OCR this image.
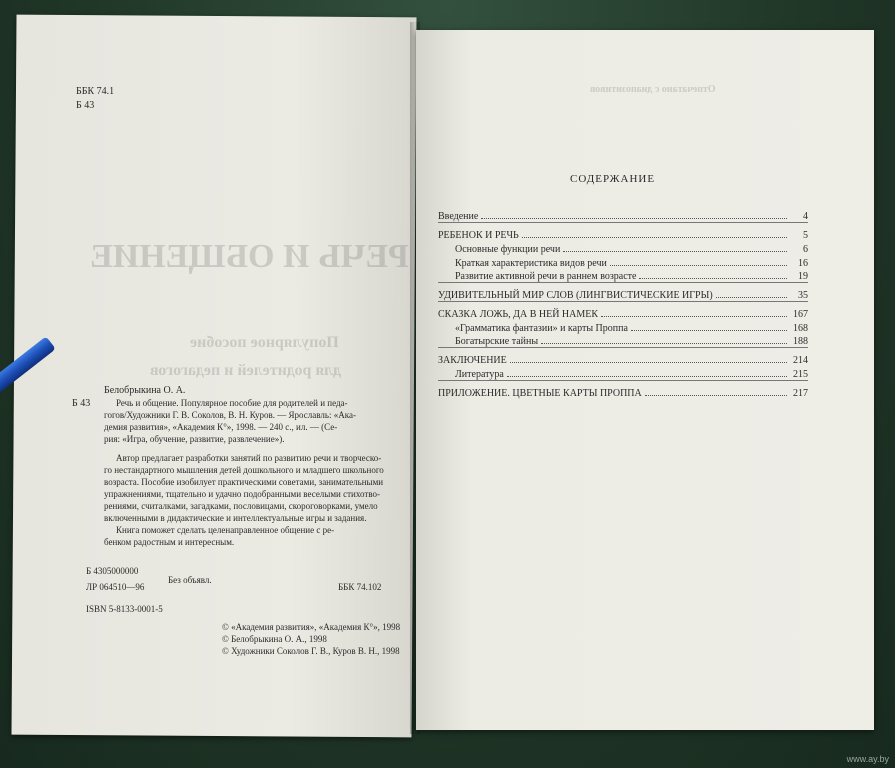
ББК 74.1
Б 43
РЕЧЬ И ОБЩЕНИЕ
Популярное пособие
для родителей и педагогов
Б 43
Белобрыкина О. А.
Речь и общение. Популярное пособие для родителей и педа-
гогов/Художники Г. В. Соколов, В. Н. Куров. — Ярославль: «Ака-
демия развития», «Академия К°», 1998. — 240 с., ил. — (Се-
рия: «Игра, обучение, развитие, развлечение»).
Автор предлагает разработки занятий по развитию речи и творческо-
го нестандартного мышления детей дошкольного и младшего школьного
возраста. Пособие изобилует практическими советами, занимательными
упражнениями, тщательно и удачно подобранными веселыми стихотво-
рениями, считалками, загадками, пословицами, скороговорками, умело
включенными в дидактические и интеллектуальные игры и задания.
Книга поможет сделать целенаправленное общение с ре-
бенком радостным и интересным.
Б 4305000000
Без объявл.
ЛР 064510—96	ББК 74.102
ISBN 5-8133-0001-5
© «Академия развития», «Академия К°», 1998
© Белобрыкина О. А., 1998
© Художники Соколов Г. В., Куров В. Н., 1998
Отпечатано с диапозитивов
СОДЕРЖАНИЕ
Введение	4
РЕБЕНОК И РЕЧЬ	5
Основные функции речи	6
Краткая характеристика видов речи	16
Развитие активной речи в раннем возрасте	19
УДИВИТЕЛЬНЫЙ МИР СЛОВ (ЛИНГВИСТИЧЕСКИЕ ИГРЫ)	35
СКАЗКА ЛОЖЬ, ДА В НЕЙ НАМЕК	167
«Грамматика фантазии» и карты Проппа	168
Богатырские тайны	188
ЗАКЛЮЧЕНИЕ	214
Литература	215
ПРИЛОЖЕНИЕ. ЦВЕТНЫЕ КАРТЫ ПРОППА	217
www.ay.by
